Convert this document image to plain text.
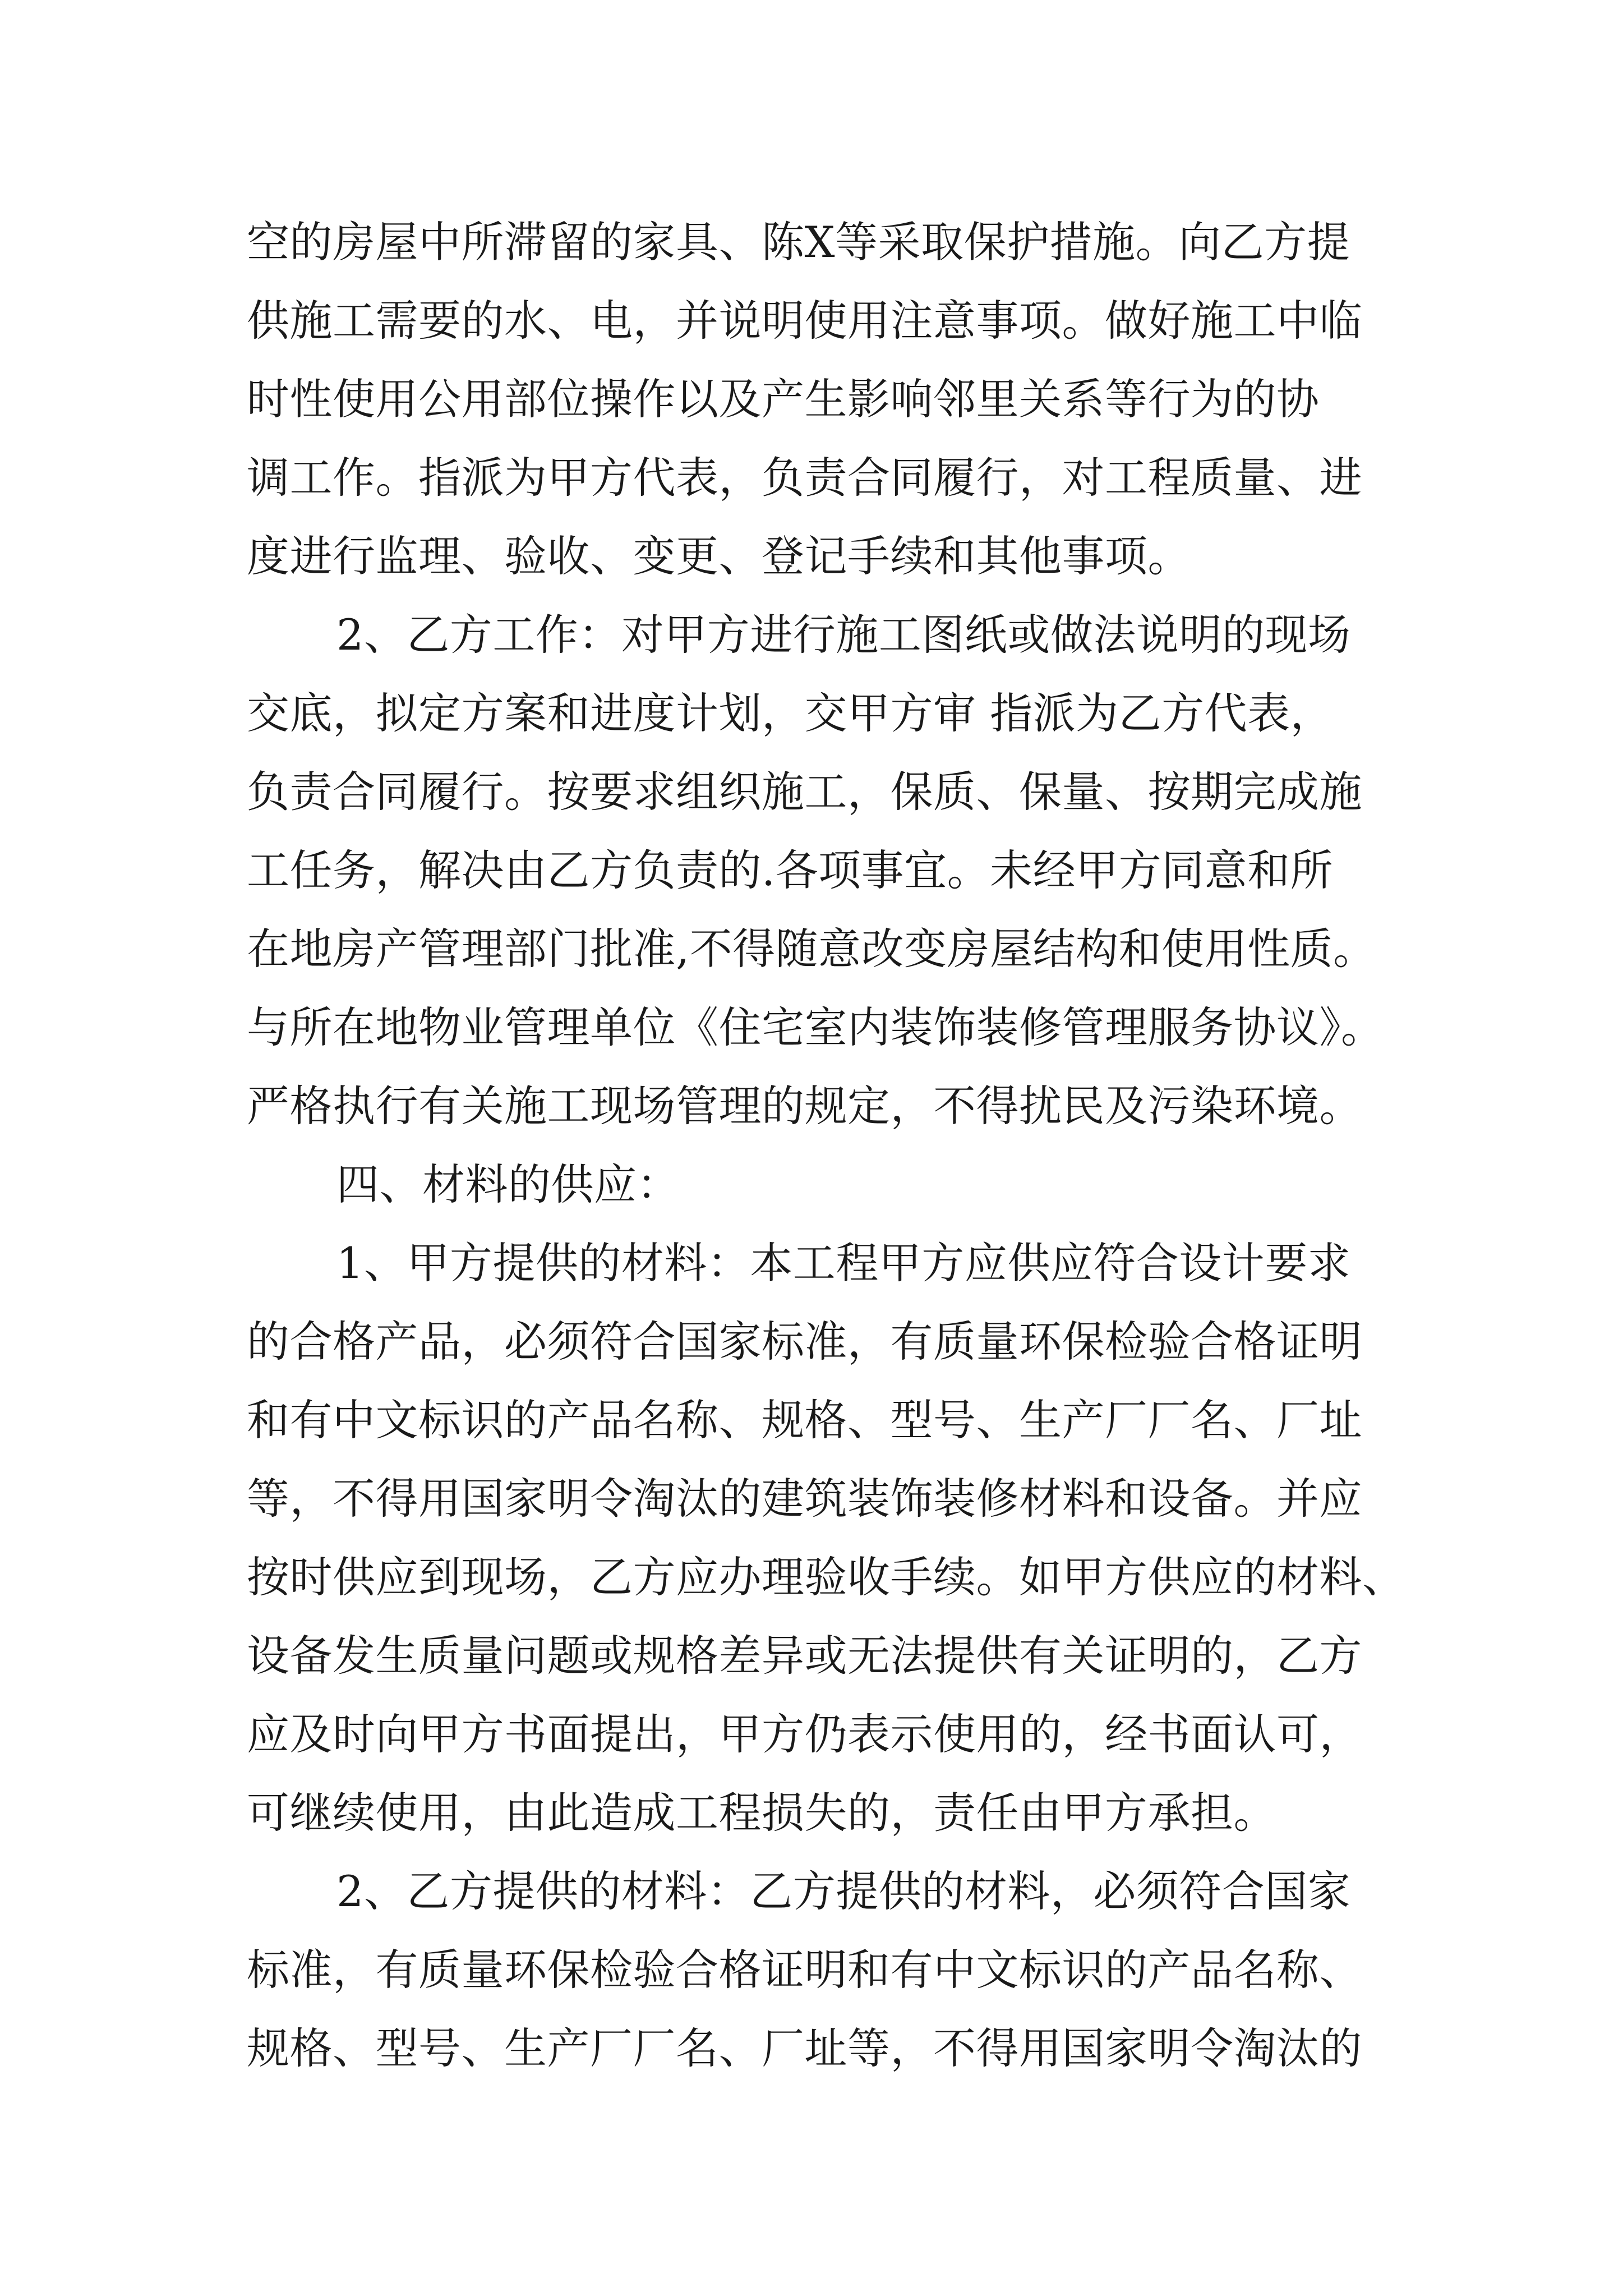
空的房屋中所滞留的家具、陈X等采取保护措施。向乙方提
供施工需要的水、电，并说明使用注意事项。做好施工中临
时性使用公用部位操作以及产生影响邻里关系等行为的协
调工作。指派为甲方代表，负责合同履行，对工程质量、进
度进行监理、验收、变更、登记手续和其他事项。
2、乙方工作：对甲方进行施工图纸或做法说明的现场
交底，拟定方案和进度计划，交甲方审 指派为乙方代表，
负责合同履行。按要求组织施工，保质、保量、按期完成施
工任务，解决由乙方负责的.各项事宜。未经甲方同意和所
在地房产管理部门批准,不得随意改变房屋结构和使用性质。
与所在地物业管理单位《住宅室内装饰装修管理服务协议》。
严格执行有关施工现场管理的规定，不得扰民及污染环境。
四、材料的供应：
1、甲方提供的材料：本工程甲方应供应符合设计要求
的合格产品，必须符合国家标准，有质量环保检验合格证明
和有中文标识的产品名称、规格、型号、生产厂厂名、厂址
等，不得用国家明令淘汰的建筑装饰装修材料和设备。并应
按时供应到现场，乙方应办理验收手续。如甲方供应的材料、
设备发生质量问题或规格差异或无法提供有关证明的，乙方
应及时向甲方书面提出，甲方仍表示使用的，经书面认可，
可继续使用，由此造成工程损失的，责任由甲方承担。
2、乙方提供的材料：乙方提供的材料，必须符合国家
标准，有质量环保检验合格证明和有中文标识的产品名称、
规格、型号、生产厂厂名、厂址等，不得用国家明令淘汰的
